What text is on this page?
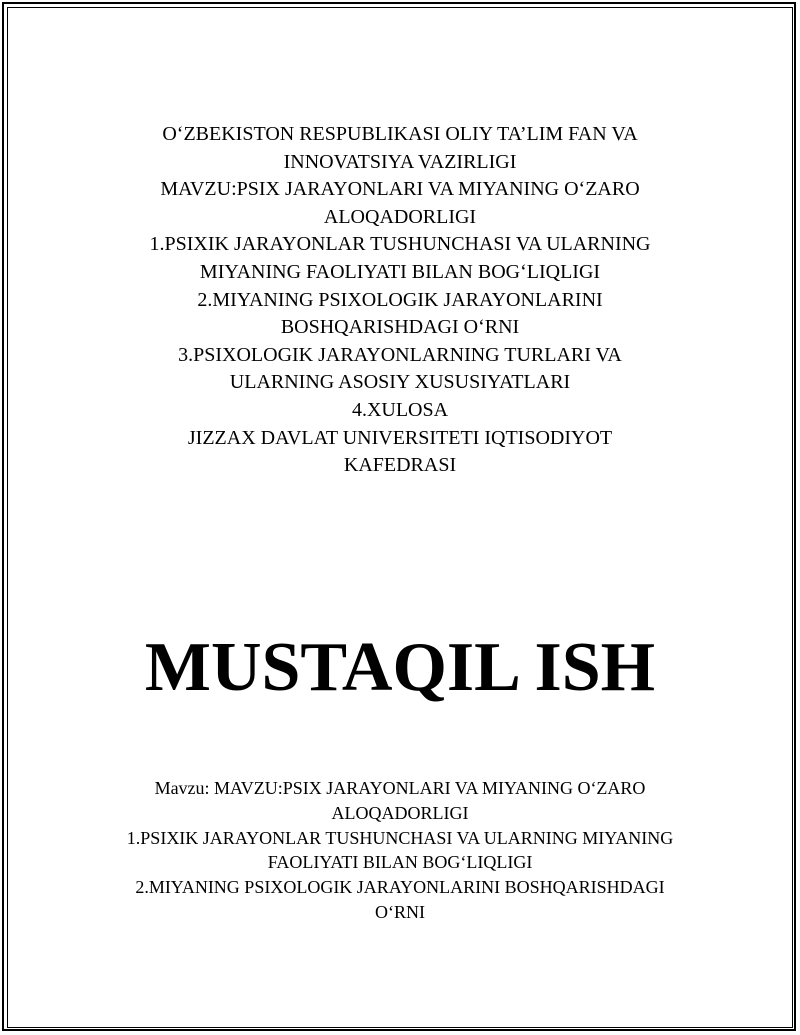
O‘ZBEKISTON RESPUBLIKASI OLIY TA’LIM FAN VA
INNOVATSIYA VAZIRLIGI
MAVZU:PSIX JARAYONLARI VA MIYANING O‘ZARO
ALOQADORLIGI
1.PSIXIK JARAYONLAR TUSHUNCHASI VA ULARNING
MIYANING FAOLIYATI BILAN BOG‘LIQLIGI
2.MIYANING PSIXOLOGIK JARAYONLARINI
BOSHQARISHDAGI O‘RNI
3.PSIXOLOGIK JARAYONLARNING TURLARI VA
ULARNING ASOSIY XUSUSIYATLARI
4.XULOSA
JIZZAX DAVLAT UNIVERSITETI IQTISODIYOT
KAFEDRASI
MUSTAQIL ISH
Mavzu: MAVZU:PSIX JARAYONLARI VA MIYANING O‘ZARO
ALOQADORLIGI
1.PSIXIK JARAYONLAR TUSHUNCHASI VA ULARNING MIYANING
FAOLIYATI BILAN BOG‘LIQLIGI
2.MIYANING PSIXOLOGIK JARAYONLARINI BOSHQARISHDAGI
O‘RNI
